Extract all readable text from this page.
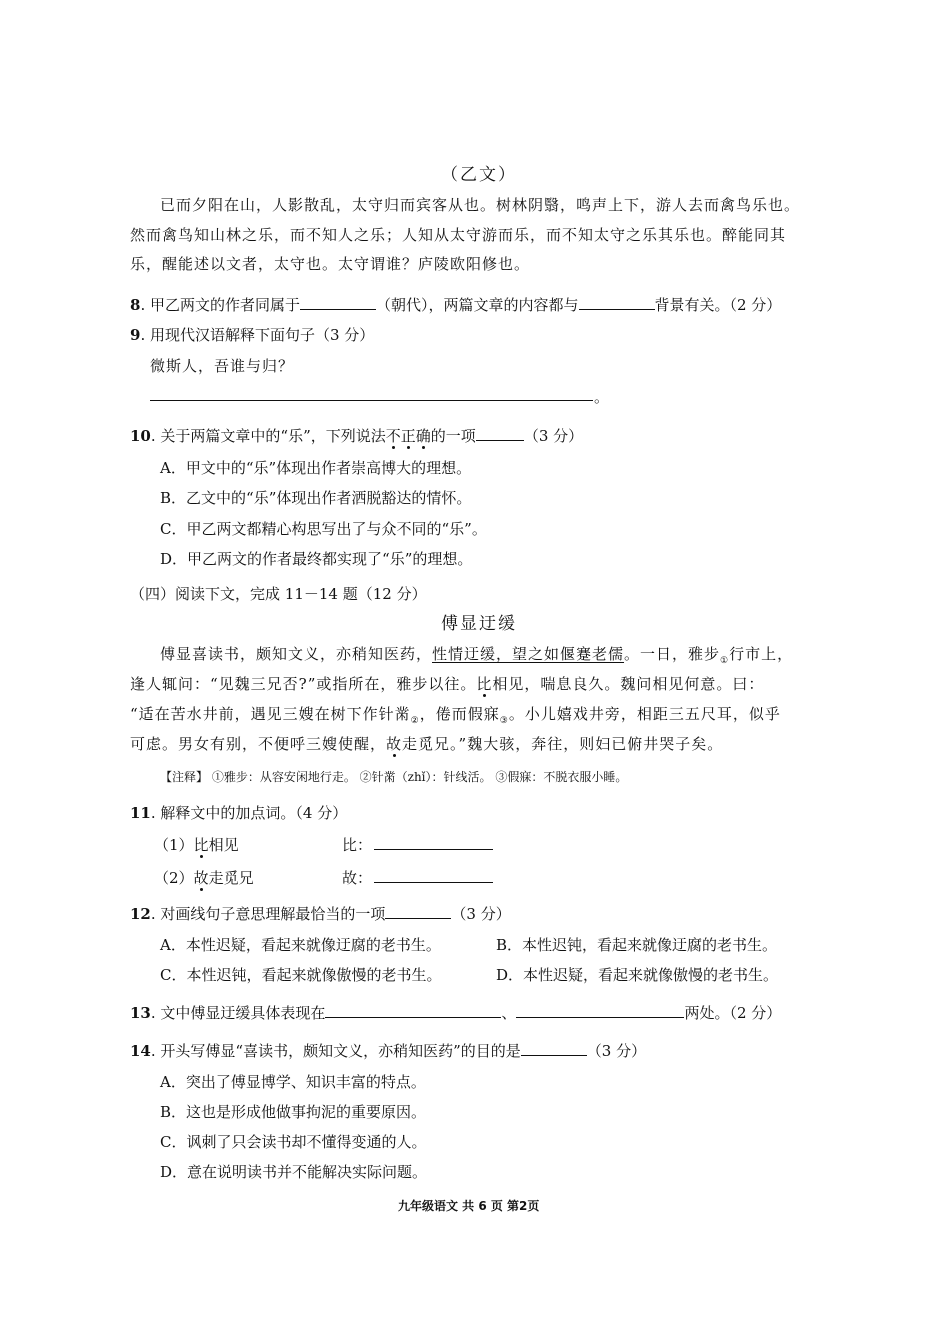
（乙文）
已而夕阳在山，人影散乱，太守归而宾客从也。树林阴翳，鸣声上下，游人去而禽鸟乐也。
然而禽鸟知山林之乐，而不知人之乐；人知从太守游而乐，而不知太守之乐其乐也。醉能同其
乐，醒能述以文者，太守也。太守谓谁？庐陵欧阳修也。
8. 甲乙两文的作者同属于	（朝代），两篇文章的内容都与	背景有关。（2 分）
9. 用现代汉语解释下面句子（3 分）
微斯人，吾谁与归？
。
10. 关于两篇文章中的“乐”，下列说法不正确的一项	（3 分）
A．甲文中的“乐”体现出作者崇高博大的理想。
B．乙文中的“乐”体现出作者洒脱豁达的情怀。
C．甲乙两文都精心构思写出了与众不同的“乐”。
D．甲乙两文的作者最终都实现了“乐”的理想。
（四）阅读下文，完成 11－14 题（12 分）
傅显迂缓
傅显喜读书，颇知文义，亦稍知医药，性情迂缓，望之如偃蹇老儒。一日，雅步$_①$行市上，
逢人辄问：“见魏三兄否?”或指所在，雅步以往。比相见，喘息良久。魏问相见何意。曰：
“适在苦水井前，遇见三嫂在树下作针黹$_②$，倦而假寐$_③$。小儿嬉戏井旁，相距三五尺耳，似乎
可虑。男女有别，不便呼三嫂使醒，故走觅兄。”魏大骇，奔往，则妇已俯井哭子矣。
【注释】 ①雅步：从容安闲地行走。 ②针黹（zhǐ）：针线活。 ③假寐：不脱衣服小睡。
11. 解释文中的加点词。（4 分）
（1）比相见	比：
（2）故走觅兄	故：
12. 对画线句子意思理解最恰当的一项	（3 分）
A．本性迟疑，看起来就像迂腐的老书生。	B．本性迟钝，看起来就像迂腐的老书生。
C．本性迟钝，看起来就像傲慢的老书生。	D．本性迟疑，看起来就像傲慢的老书生。
13. 文中傅显迂缓具体表现在	、	两处。（2 分）
14. 开头写傅显“喜读书，颇知文义，亦稍知医药”的目的是	（3 分）
A．突出了傅显博学、知识丰富的特点。
B．这也是形成他做事拘泥的重要原因。
C．讽刺了只会读书却不懂得变通的人。
D．意在说明读书并不能解决实际问题。
九年级语文 共 6 页 第2页
